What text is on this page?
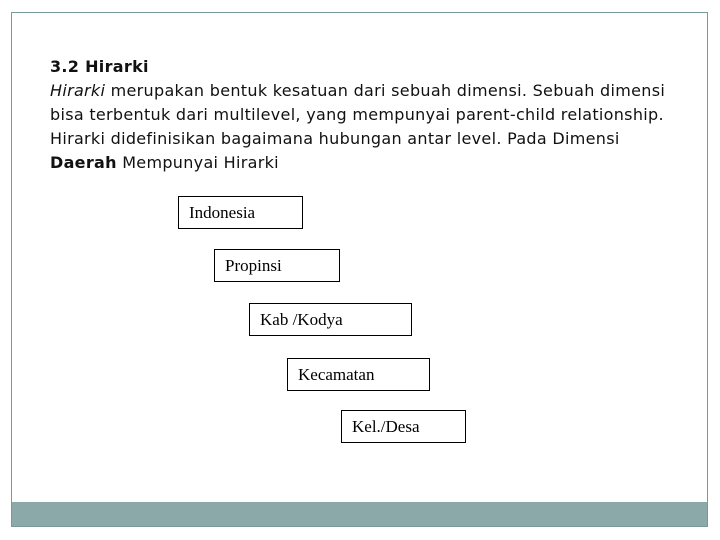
3.2 Hirarki
Hirarki merupakan bentuk kesatuan dari sebuah dimensi. Sebuah dimensi bisa terbentuk dari multilevel, yang mempunyai parent-child relationship. Hirarki didefinisikan bagaimana hubungan antar level. Pada Dimensi Daerah Mempunyai Hirarki
Indonesia
Propinsi
Kab /Kodya
Kecamatan
Kel./Desa
